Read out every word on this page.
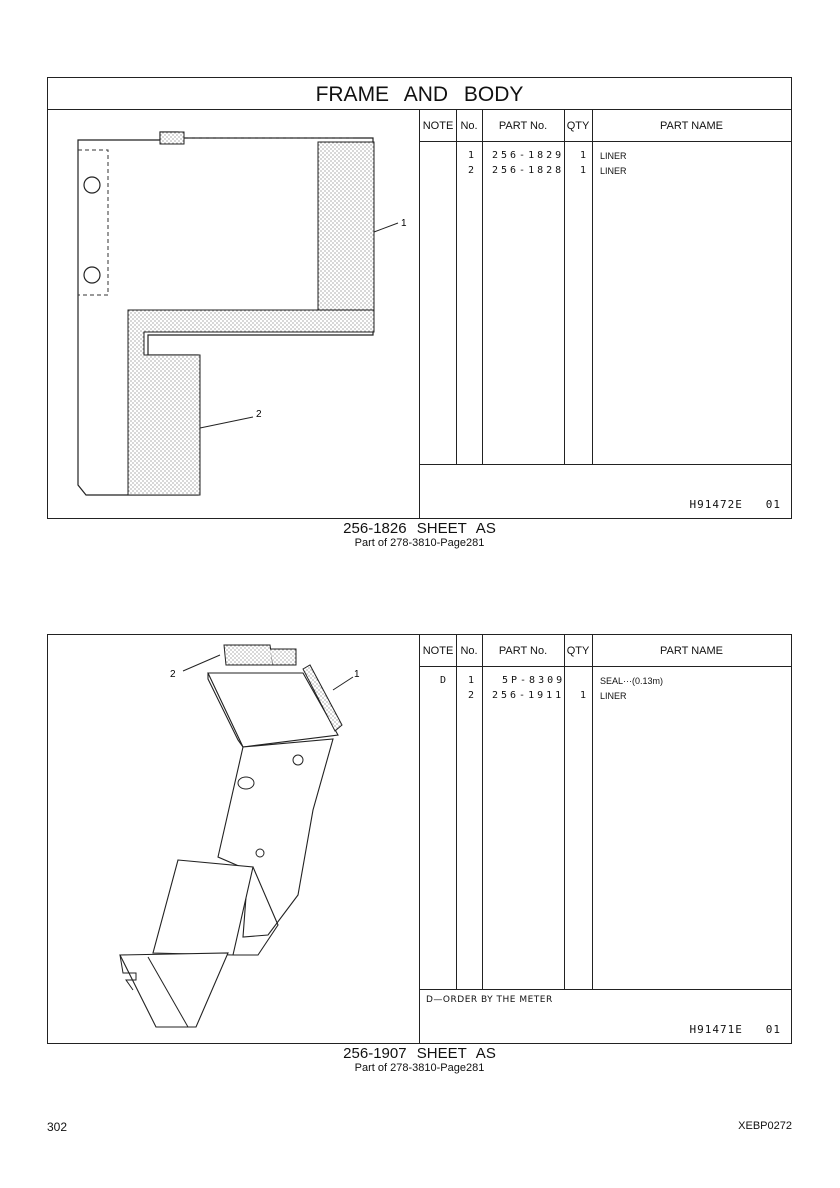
FRAME AND BODY
1
2
NOTE No.	PART No.	QTY	PART NAME
1 256-1829 1 LINER
2 256-1828 1 LINER
H91472E   01
256-1826 SHEET AS
Part of 278-3810-Page281
2	1
NOTE No.	PART No.	QTY	PART NAME
D 1	5P-8309	SEAL···(0.13m)
2 256-1911 1 LINER
D—ORDER BY THE METER
H91471E   01
256-1907 SHEET AS
Part of 278-3810-Page281
302	XEBP0272
